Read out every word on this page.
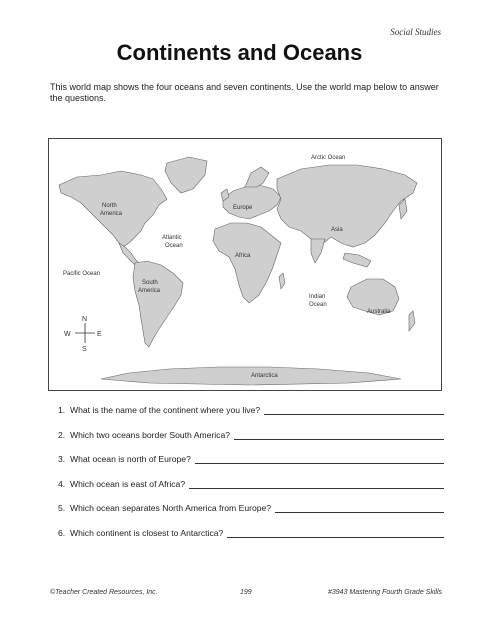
Social Studies
Continents and Oceans
This world map shows the four oceans and seven continents. Use the world map below to answer the questions.
Arctic Ocean
North
America
Europe
Asia
Atlantic
Ocean
Africa
Pacific Ocean
South
America
Indian
Ocean
Australia
Antarctica
N
S
W	E
1. What is the name of the continent where you live?
2. Which two oceans border South America?
3. What ocean is north of Europe?
4. Which ocean is east of Africa?
5. Which ocean separates North America from Europe?
6. Which continent is closest to Antarctica?
©Teacher Created Resources, Inc.	199	#3943 Mastering Fourth Grade Skills
